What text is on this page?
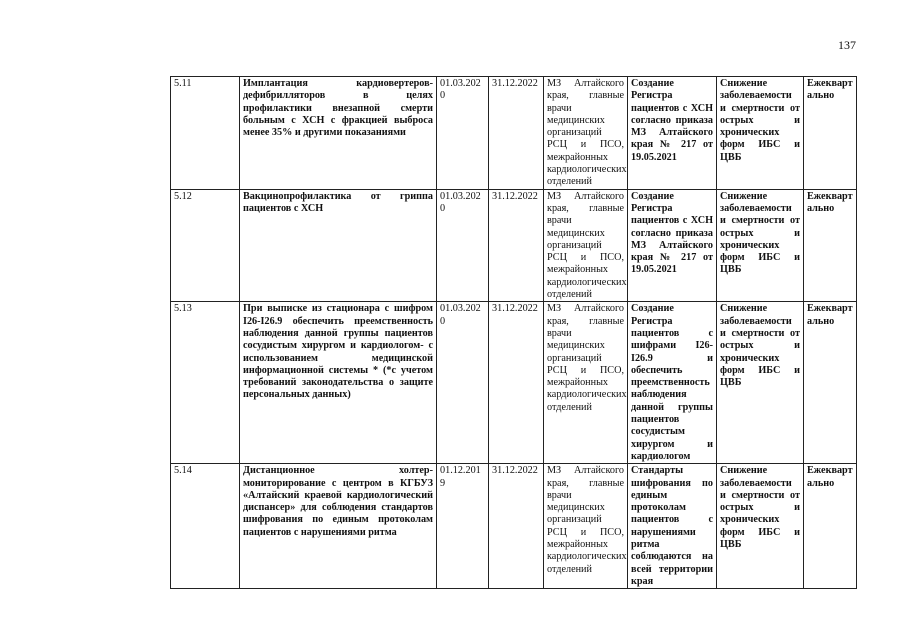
137
5.11	Имплантация кардиовертеров-дефибрилляторов в целях профилактики внезапной смерти больным с ХСН с фракцией выброса менее 35% и другими показаниями	01.03.2020	31.12.2022	МЗ Алтайского края, главные врачи медицинских организаций РСЦ и ПСО, межрайонных кардиологических отделений	Создание Регистра пациентов с ХСН согласно приказа МЗ Алтайского края № 217 от 19.05.2021	Снижение заболеваемости и смертности от острых и хронических форм ИБС и ЦВБ	Ежеквартально
5.12	Вакцинопрофилактика от гриппа пациентов с ХСН	01.03.2020	31.12.2022	МЗ Алтайского края, главные врачи медицинских организаций РСЦ и ПСО, межрайонных кардиологических отделений	Создание Регистра пациентов с ХСН согласно приказа МЗ Алтайского края № 217 от 19.05.2021	Снижение заболеваемости и смертности от острых и хронических форм ИБС и ЦВБ	Ежеквартально
5.13	При выписке из стационара с шифром I26-I26.9 обеспечить преемственность наблюдения данной группы пациентов сосудистым хирургом и кардиологом- с использованием медицинской информационной системы * (*с учетом требований законодательства о защите персональных данных)	01.03.2020	31.12.2022	МЗ Алтайского края, главные врачи медицинских организаций РСЦ и ПСО, межрайонных кардиологических отделений	Создание Регистра пациентов с шифрами I26-I26.9 и обеспечить преемственность наблюдения данной группы пациентов сосудистым хирургом и кардиологом	Снижение заболеваемости и смертности от острых и хронических форм ИБС и ЦВБ	Ежеквартально
5.14	Дистанционное холтер-мониторирование с центром в КГБУЗ «Алтайский краевой кардиологический диспансер» для соблюдения стандартов шифрования по единым протоколам пациентов с нарушениями ритма	01.12.2019	31.12.2022	МЗ Алтайского края, главные врачи медицинских организаций РСЦ и ПСО, межрайонных кардиологических отделений	Стандарты шифрования по единым протоколам пациентов с нарушениями ритма соблюдаются на всей территории края	Снижение заболеваемости и смертности от острых и хронических форм ИБС и ЦВБ	Ежеквартально
